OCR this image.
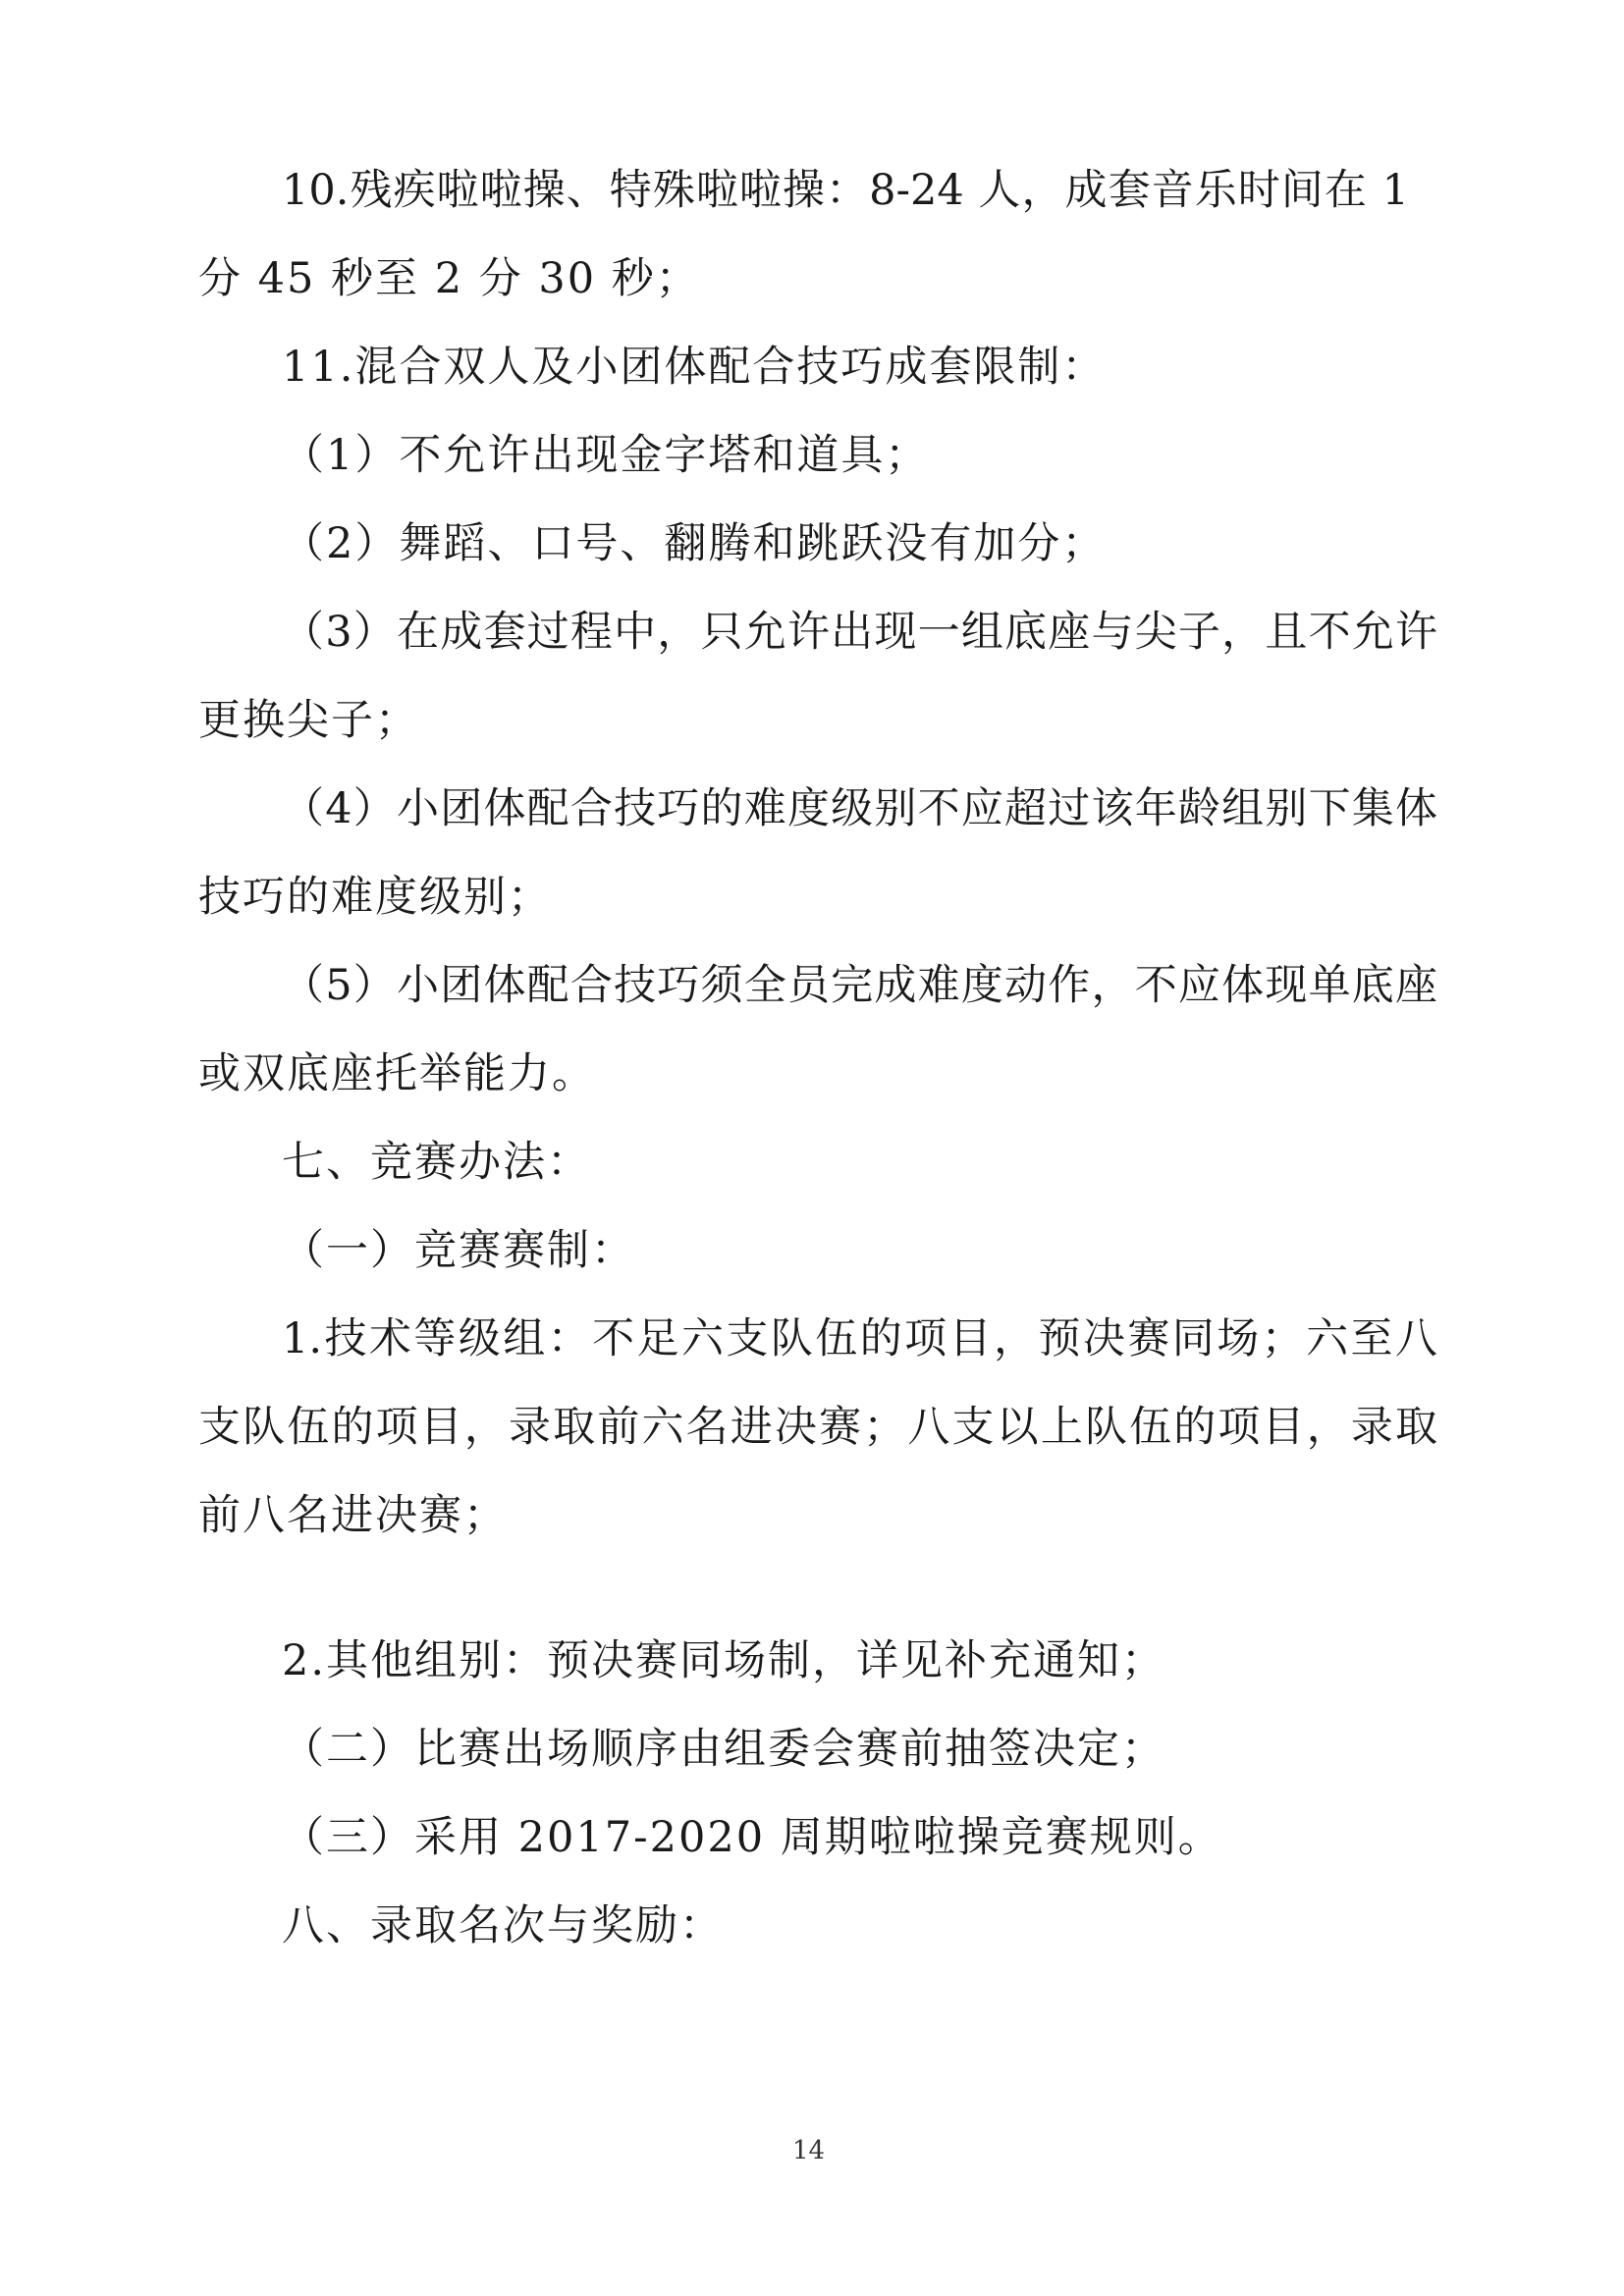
10.残疾啦啦操、特殊啦啦操：8-24 人，成套音乐时间在 1
分 45 秒至 2 分 30 秒；
11.混合双人及小团体配合技巧成套限制：
（1）不允许出现金字塔和道具；
（2）舞蹈、口号、翻腾和跳跃没有加分；
（3）在成套过程中，只允许出现一组底座与尖子，且不允许
更换尖子；
（4）小团体配合技巧的难度级别不应超过该年龄组别下集体
技巧的难度级别；
（5）小团体配合技巧须全员完成难度动作，不应体现单底座
或双底座托举能力。
七、竞赛办法：
（一）竞赛赛制：
1.技术等级组：不足六支队伍的项目，预决赛同场；六至八
支队伍的项目，录取前六名进决赛；八支以上队伍的项目，录取
前八名进决赛；
2.其他组别：预决赛同场制，详见补充通知；
（二）比赛出场顺序由组委会赛前抽签决定；
（三）采用 2017-2020 周期啦啦操竞赛规则。
八、录取名次与奖励：
14
